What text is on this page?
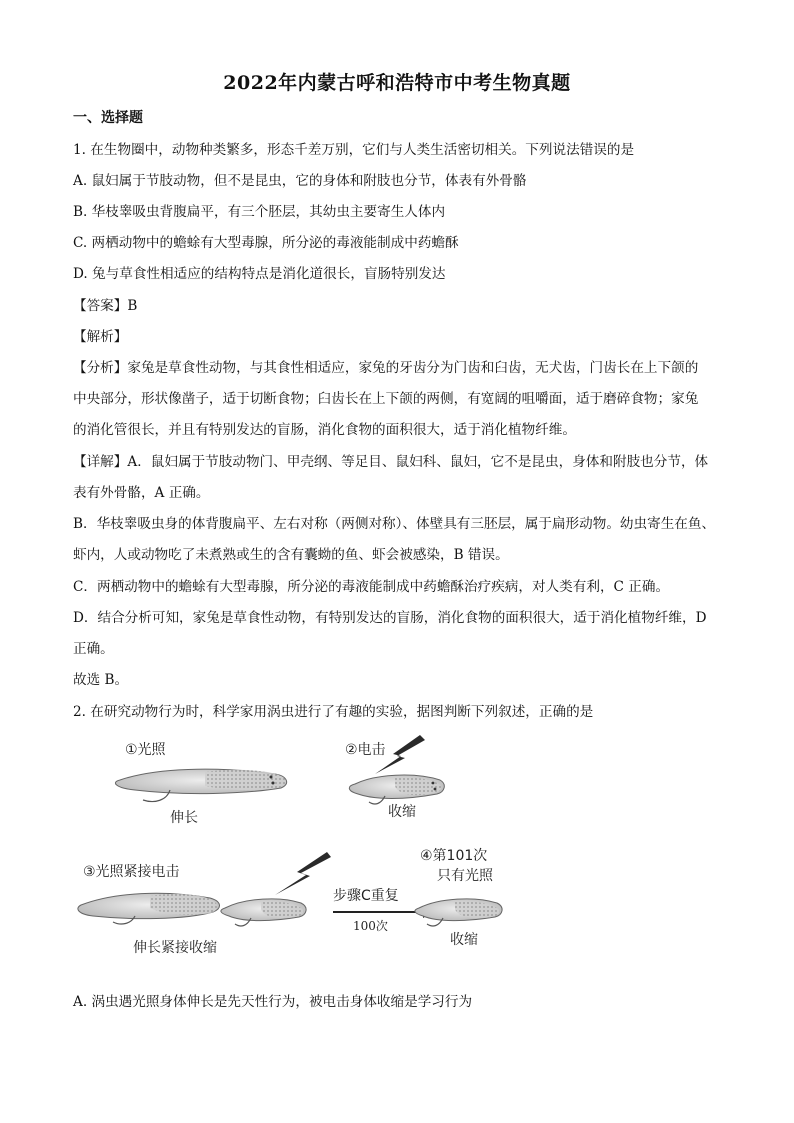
2022年内蒙古呼和浩特市中考生物真题
一、选择题
1. 在生物圈中，动物种类繁多，形态千差万别，它们与人类生活密切相关。下列说法错误的是
A. 鼠妇属于节肢动物，但不是昆虫，它的身体和附肢也分节，体表有外骨骼
B. 华枝睾吸虫背腹扁平，有三个胚层，其幼虫主要寄生人体内
C. 两栖动物中的蟾蜍有大型毒腺，所分泌的毒液能制成中药蟾酥
D. 兔与草食性相适应的结构特点是消化道很长，盲肠特别发达
【答案】B
【解析】
【分析】家兔是草食性动物，与其食性相适应，家兔的牙齿分为门齿和臼齿，无犬齿，门齿长在上下颌的
中央部分，形状像凿子，适于切断食物；臼齿长在上下颌的两侧，有宽阔的咀嚼面，适于磨碎食物；家兔
的消化管很长，并且有特别发达的盲肠，消化食物的面积很大，适于消化植物纤维。
【详解】A．鼠妇属于节肢动物门、甲壳纲、等足目、鼠妇科、鼠妇，它不是昆虫，身体和附肢也分节，体
表有外骨骼，A 正确。
B．华枝睾吸虫身的体背腹扁平、左右对称（两侧对称）、体壁具有三胚层，属于扁形动物。幼虫寄生在鱼、
虾内，人或动物吃了未煮熟或生的含有囊蚴的鱼、虾会被感染，B 错误。
C．两栖动物中的蟾蜍有大型毒腺，所分泌的毒液能制成中药蟾酥治疗疾病，对人类有利，C 正确。
D．结合分析可知，家兔是草食性动物，有特别发达的盲肠，消化食物的面积很大，适于消化植物纤维，D
正确。
故选 B。
2. 在研究动物行为时，科学家用涡虫进行了有趣的实验，据图判断下列叙述，正确的是
①光照
伸长
②电击
收缩
③光照紧接电击
伸长紧接收缩
步骤C重复
100次
④第101次
只有光照
收缩
A. 涡虫遇光照身体伸长是先天性行为，被电击身体收缩是学习行为
